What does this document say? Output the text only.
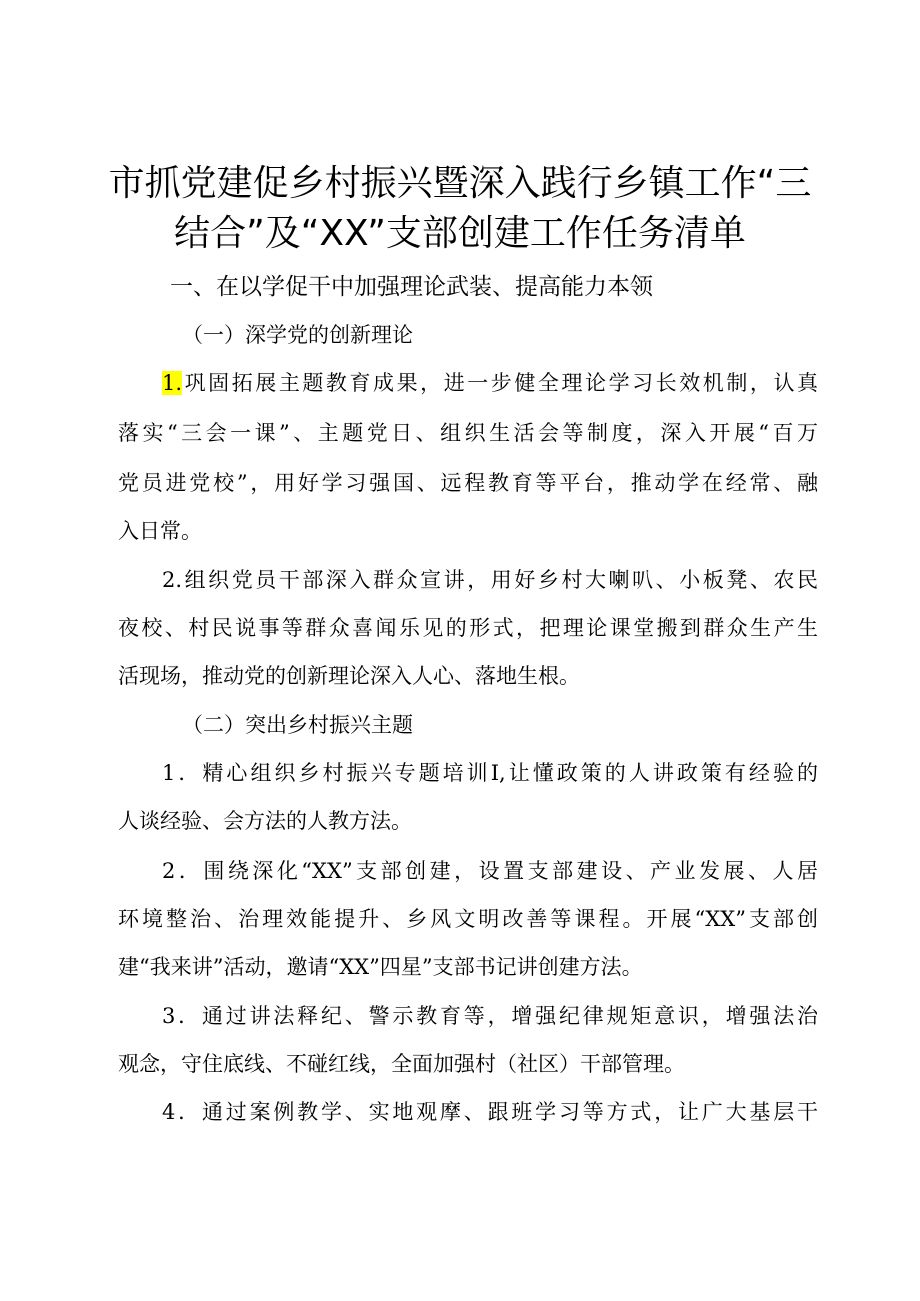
市抓党建促乡村振兴暨深入践行乡镇工作“三
结合”及“XX”支部创建工作任务清单
一、在以学促干中加强理论武装、提高能力本领
（一）深学党的创新理论
1.巩固拓展主题教育成果，进一步健全理论学习长效机制，认真
落实“三会一课”、主题党日、组织生活会等制度，深入开展“百万
党员进党校”，用好学习强国、远程教育等平台，推动学在经常、融
入日常。
2.组织党员干部深入群众宣讲，用好乡村大喇叭、小板凳、农民
夜校、村民说事等群众喜闻乐见的形式，把理论课堂搬到群众生产生
活现场，推动党的创新理论深入人心、落地生根。
（二）突出乡村振兴主题
1．精心组织乡村振兴专题培训I,让懂政策的人讲政策有经验的
人谈经验、会方法的人教方法。
2．围绕深化“XX”支部创建，设置支部建设、产业发展、人居
环境整治、治理效能提升、乡风文明改善等课程。开展“XX”支部创
建“我来讲”活动，邀请“XX”四星”支部书记讲创建方法。
3．通过讲法释纪、警示教育等，增强纪律规矩意识，增强法治
观念，守住底线、不碰红线，全面加强村（社区）干部管理。
4．通过案例教学、实地观摩、跟班学习等方式，让广大基层干
